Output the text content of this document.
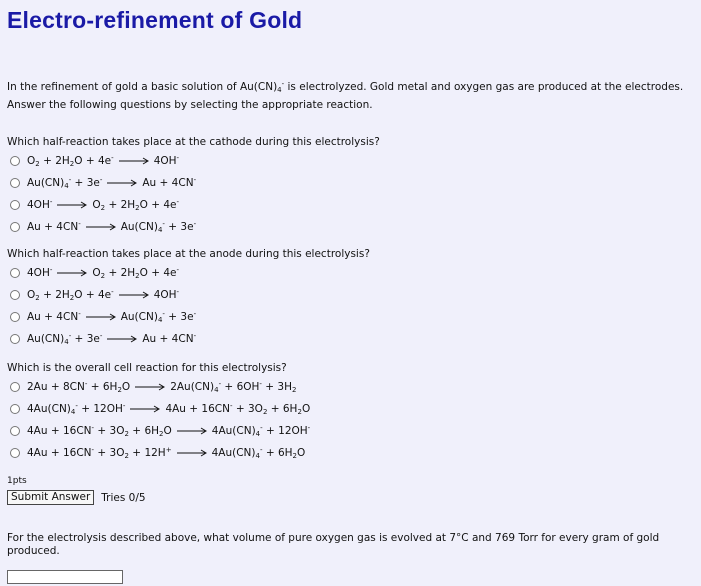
Electro-refinement of Gold
In the refinement of gold a basic solution of $Au(CN)_4^-$ is electrolyzed. Gold metal and oxygen gas are produced at the electrodes.
Answer the following questions by selecting the appropriate reaction.
Which half-reaction takes place at the cathode during this electrolysis?
$O_2 + 2H_2O + 4e^- \to 4OH^-$
$Au(CN)_4^- + 3e^- \to Au + 4CN^-$
$4OH^- \to O_2 + 2H_2O + 4e^-$
$Au + 4CN^- \to Au(CN)_4^- + 3e^-$
Which half-reaction takes place at the anode during this electrolysis?
$4OH^- \to O_2 + 2H_2O + 4e^-$
$O_2 + 2H_2O + 4e^- \to 4OH^-$
$Au + 4CN^- \to Au(CN)_4^- + 3e^-$
$Au(CN)_4^- + 3e^- \to Au + 4CN^-$
Which is the overall cell reaction for this electrolysis?
$2Au + 8CN^- + 6H_2O \to 2Au(CN)_4^- + 6OH^- + 3H_2$
$4Au(CN)_4^- + 12OH^- \to 4Au + 16CN^- + 3O_2 + 6H_2O$
$4Au + 16CN^- + 3O_2 + 6H_2O \to 4Au(CN)_4^- + 12OH^-$
$4Au + 16CN^- + 3O_2 + 12H^+ \to 4Au(CN)_4^- + 6H_2O$
1pts
Submit Answer	Tries 0/5
For the electrolysis described above, what volume of pure oxygen gas is evolved at 7°C and 769 Torr for every gram of gold produced.
